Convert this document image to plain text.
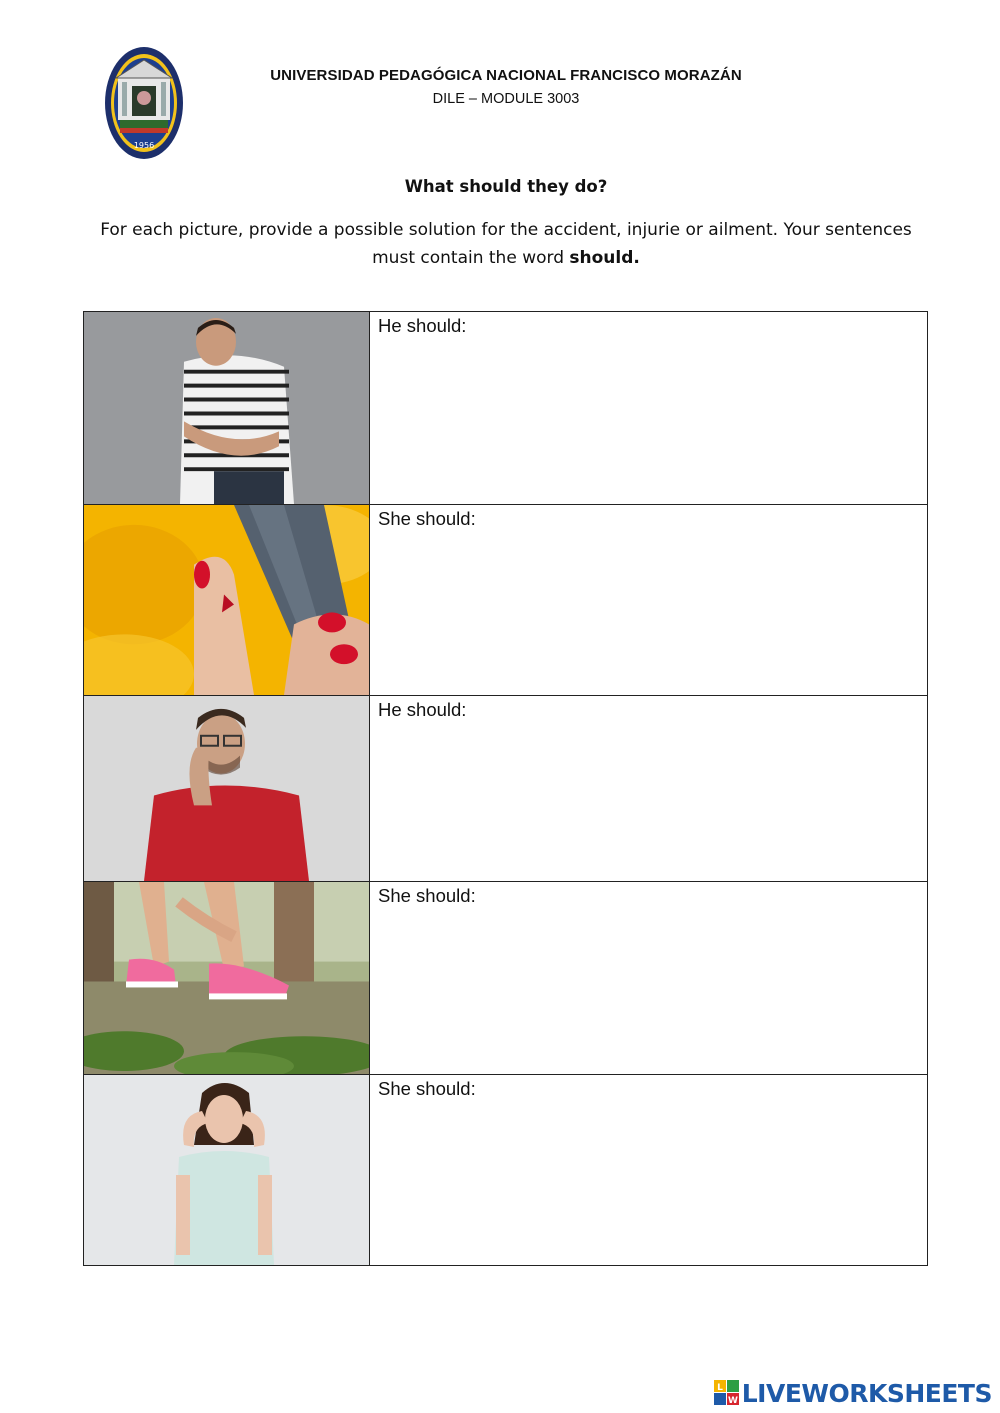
1956
UNIVERSIDAD PEDAGÓGICA NACIONAL FRANCISCO MORAZÁN
DILE – MODULE 3003
What should they do?
For each picture, provide a possible solution for the accident, injurie or ailment. Your sentences must contain the word should.
He should:
She should:
He should:
She should:
She should:
L
W LIVEWORKSHEETS
